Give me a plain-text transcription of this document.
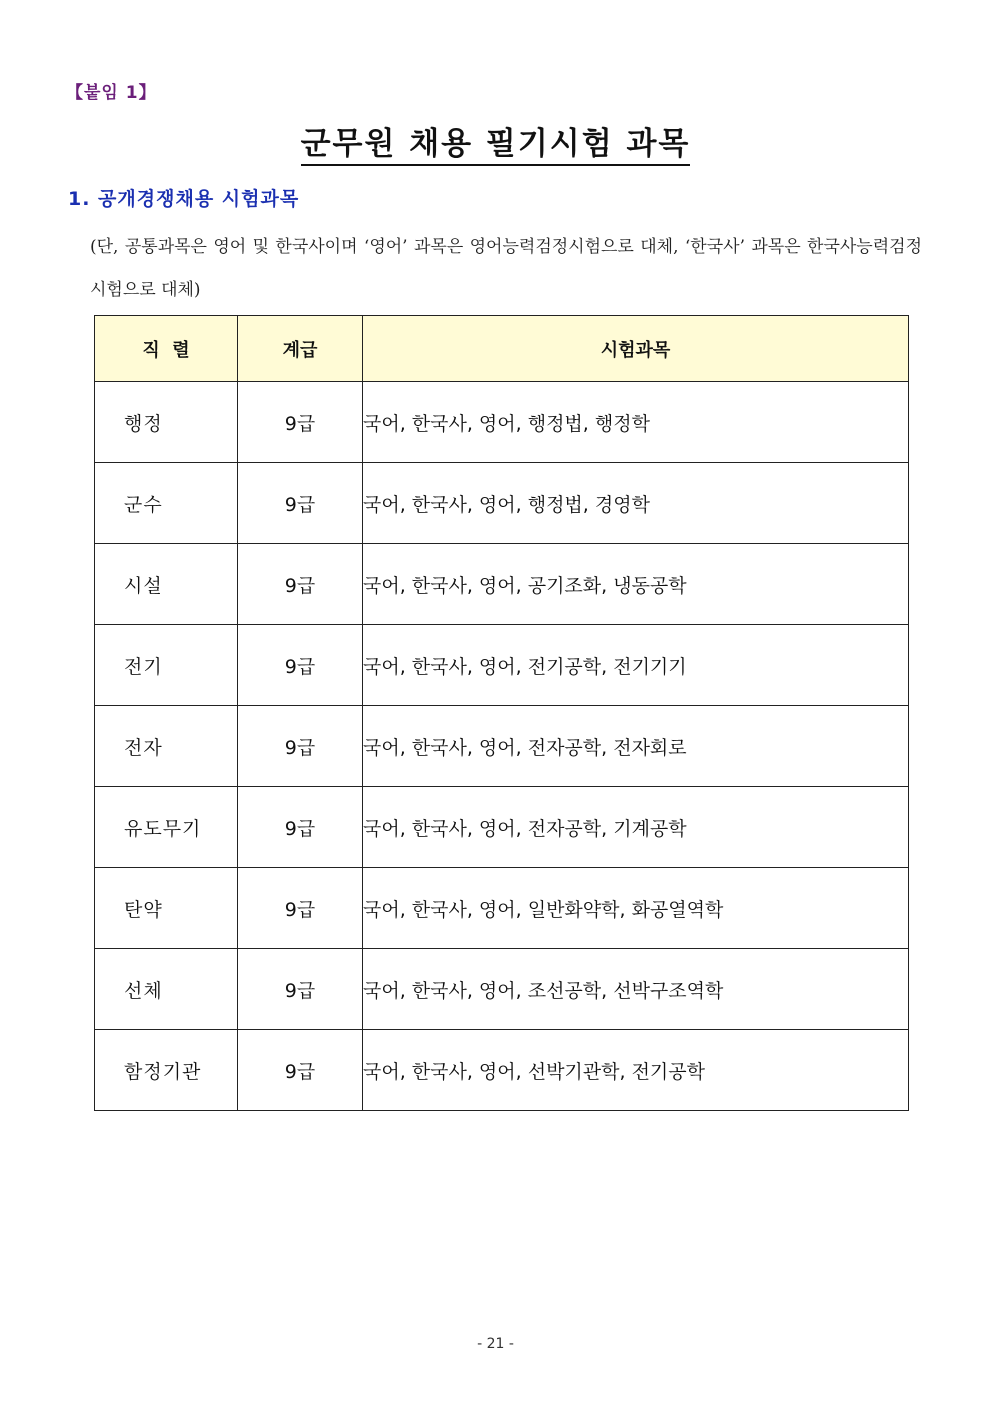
【붙임 1】
군무원 채용 필기시험 과목
1. 공개경쟁채용 시험과목
(단, 공통과목은 영어 및 한국사이며 ‘영어’ 과목은 영어능력검정시험으로 대체, ‘한국사’ 과목은 한국사능력검정시험으로 대체)
직  렬	계급	시험과목
행정	9급	국어, 한국사, 영어, 행정법, 행정학
군수	9급	국어, 한국사, 영어, 행정법, 경영학
시설	9급	국어, 한국사, 영어, 공기조화, 냉동공학
전기	9급	국어, 한국사, 영어, 전기공학, 전기기기
전자	9급	국어, 한국사, 영어, 전자공학, 전자회로
유도무기	9급	국어, 한국사, 영어, 전자공학, 기계공학
탄약	9급	국어, 한국사, 영어, 일반화약학, 화공열역학
선체	9급	국어, 한국사, 영어, 조선공학, 선박구조역학
함정기관	9급	국어, 한국사, 영어, 선박기관학, 전기공학
- 21 -
